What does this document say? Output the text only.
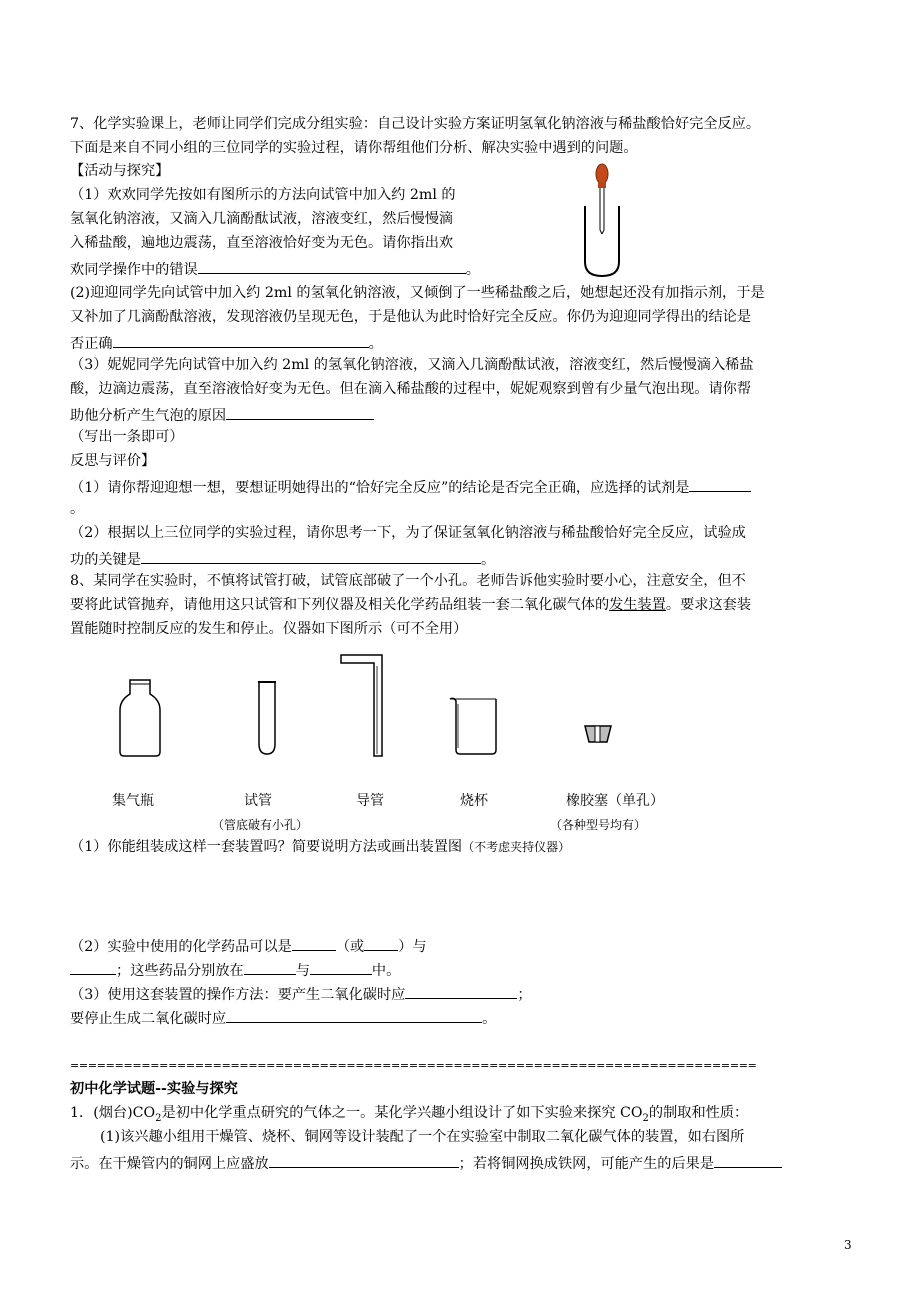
7、化学实验课上，老师让同学们完成分组实验：自己设计实验方案证明氢氧化钠溶液与稀盐酸恰好完全反应。
下面是来自不同小组的三位同学的实验过程，请你帮组他们分析、解决实验中遇到的问题。
【活动与探究】
（1）欢欢同学先按如有图所示的方法向试管中加入约 2ml 的
氢氧化钠溶液，又滴入几滴酚酞试液，溶液变红，然后慢慢滴
入稀盐酸，遍地边震荡，直至溶液恰好变为无色。请你指出欢
欢同学操作中的错误	。
(2)迎迎同学先向试管中加入约 2ml 的氢氧化钠溶液，又倾倒了一些稀盐酸之后，她想起还没有加指示剂，于是
又补加了几滴酚酞溶液，发现溶液仍呈现无色，于是他认为此时恰好完全反应。你仍为迎迎同学得出的结论是
否正确	。
（3）妮妮同学先向试管中加入约 2ml 的氢氧化钠溶液，又滴入几滴酚酞试液，溶液变红，然后慢慢滴入稀盐
酸，边滴边震荡，直至溶液恰好变为无色。但在滴入稀盐酸的过程中，妮妮观察到曾有少量气泡出现。请你帮
助他分析产生气泡的原因
（写出一条即可）
反思与评价】
（1）请你帮迎迎想一想，要想证明她得出的“恰好完全反应”的结论是否完全正确，应选择的试剂是
。
（2）根据以上三位同学的实验过程，请你思考一下，为了保证氢氧化钠溶液与稀盐酸恰好完全反应，试验成
功的关键是	。
8、某同学在实验时，不慎将试管打破，试管底部破了一个小孔。老师告诉他实验时要小心，注意安全，但不
要将此试管抛弃，请他用这只试管和下列仪器及相关化学药品组装一套二氧化碳气体的发生装置。要求这套装
置能随时控制反应的发生和停止。仪器如下图所示（可不全用）
集气瓶	试管
（管底破有小孔）
导管	烧杯	橡胶塞（单孔）
（各种型号均有）
（1）你能组装成这样一套装置吗？简要说明方法或画出装置图（不考虑夹持仪器）
（2）实验中使用的化学药品可以是	（或 ）与
；这些药品分别放在	与	中。
（3）使用这套装置的操作方法：要产生二氧化碳时应	；
要停止生成二氧化碳时应	。
=============================================================================
初中化学试题--实验与探究
1．(烟台)$CO_2$是初中化学重点研究的气体之一。某化学兴趣小组设计了如下实验来探究 $CO_2$的制取和性质：
(1)该兴趣小组用干燥管、烧杯、铜网等设计装配了一个在实验室中制取二氧化碳气体的装置，如右图所
示。在干燥管内的铜网上应盛放	；若将铜网换成铁网，可能产生的后果是
3
